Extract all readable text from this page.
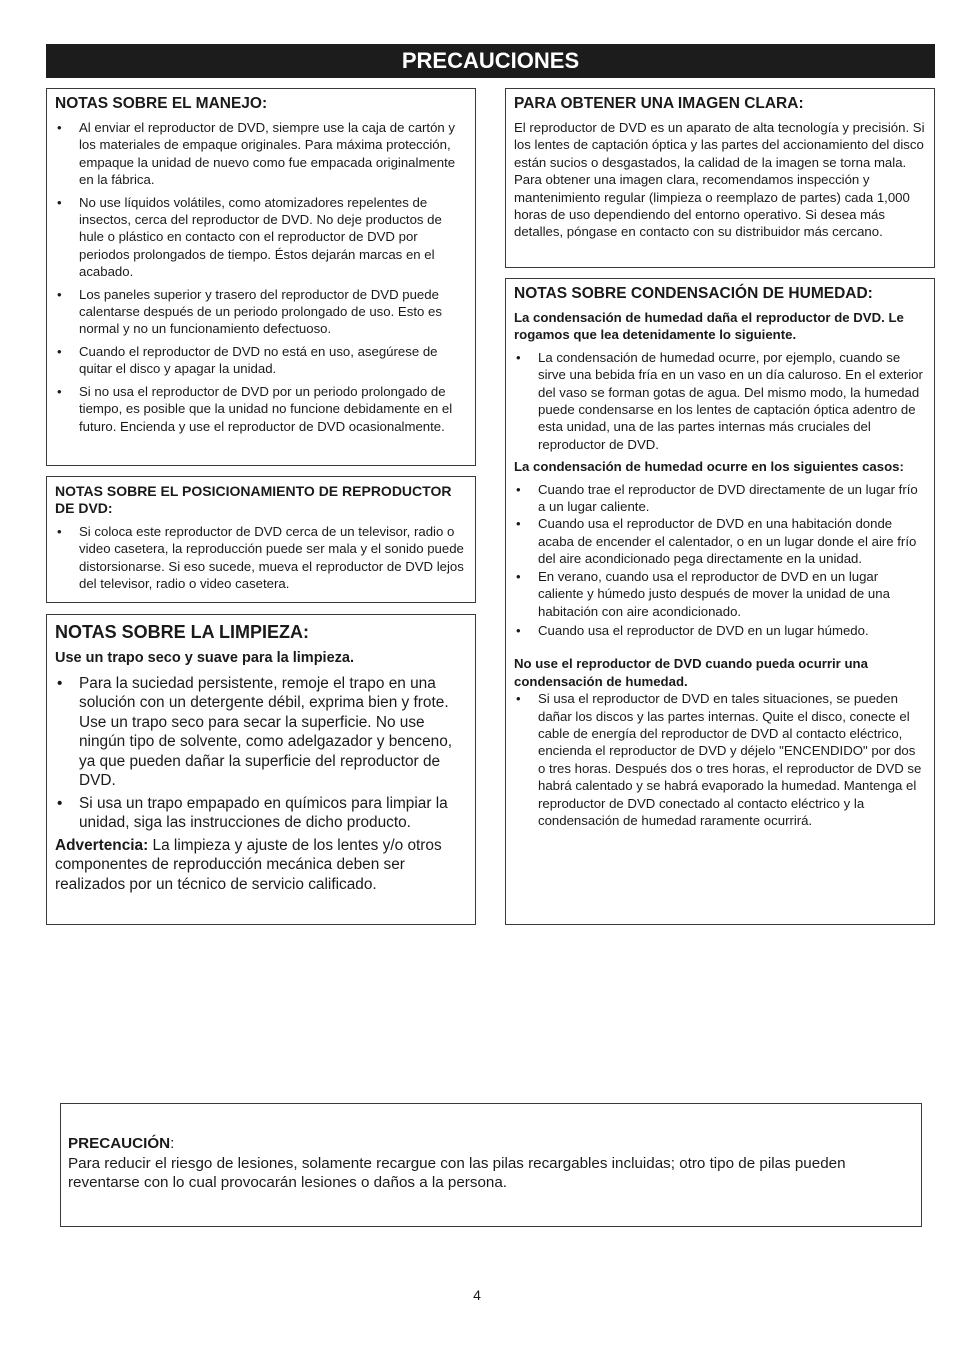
PRECAUCIONES
NOTAS SOBRE EL MANEJO:
• Al enviar el reproductor de DVD, siempre use la caja de cartón y los materiales de empaque originales. Para máxima protección, empaque la unidad de nuevo como fue empacada originalmente en la fábrica.
• No use líquidos volátiles, como atomizadores repelentes de insectos, cerca del reproductor de DVD. No deje productos de hule o plástico en contacto con el reproductor de DVD por periodos prolongados de tiempo. Éstos dejarán marcas en el acabado.
• Los paneles superior y trasero del reproductor de DVD puede calentarse después de un periodo prolongado de uso. Esto es normal y no un funcionamiento defectuoso.
• Cuando el reproductor de DVD no está en uso, asegúrese de quitar el disco y apagar la unidad.
• Si no usa el reproductor de DVD por un periodo prolongado de tiempo, es posible que la unidad no funcione debidamente en el futuro. Encienda y use el reproductor de DVD ocasionalmente.
NOTAS SOBRE EL POSICIONAMIENTO DE REPRODUCTOR DE DVD:
• Si coloca este reproductor de DVD cerca de un televisor, radio o video casetera, la reproducción puede ser mala y el sonido puede distorsionarse. Si eso sucede, mueva el reproductor de DVD lejos del televisor, radio o video casetera.
NOTAS SOBRE LA LIMPIEZA:

Use un trapo seco y suave para la limpieza.

• Para la suciedad persistente, remoje el trapo en una solución con un detergente débil, exprima bien y frote. Use un trapo seco para secar la superficie. No use ningún tipo de solvente, como adelgazador y benceno, ya que pueden dañar la superficie del reproductor de DVD.
• Si usa un trapo empapado en químicos para limpiar la unidad, siga las instrucciones de dicho producto.

Advertencia: La limpieza y ajuste de los lentes y/o otros componentes de reproducción mecánica deben ser realizados por un técnico de servicio calificado.

PARA OBTENER UNA IMAGEN CLARA:

El reproductor de DVD es un aparato de alta tecnología y precisión. Si los lentes de captación óptica y las partes del accionamiento del disco están sucios o desgastados, la calidad de la imagen se torna mala. Para obtener una imagen clara, recomendamos inspección y mantenimiento regular (limpieza o reemplazo de partes) cada 1,000 horas de uso dependiendo del entorno operativo. Si desea más detalles, póngase en contacto con su distribuidor más cercano.

NOTAS SOBRE CONDENSACIÓN DE HUMEDAD:

La condensación de humedad daña el reproductor de DVD. Le rogamos que lea detenidamente lo siguiente.

• La condensación de humedad ocurre, por ejemplo, cuando se sirve una bebida fría en un vaso en un día caluroso. En el exterior del vaso se forman gotas de agua. Del mismo modo, la humedad puede condensarse en los lentes de captación óptica adentro de esta unidad, una de las partes internas más cruciales del reproductor de DVD.

La condensación de humedad ocurre en los siguientes casos:

• Cuando trae el reproductor de DVD directamente de un lugar frío a un lugar caliente.
• Cuando usa el reproductor de DVD en una habitación donde acaba de encender el calentador, o en un lugar donde el aire frío del aire acondicionado pega directamente en la unidad.
• En verano, cuando usa el reproductor de DVD en un lugar caliente y húmedo justo después de mover la unidad de una habitación con aire acondicionado.
• Cuando usa el reproductor de DVD en un lugar húmedo.

No use el reproductor de DVD cuando pueda ocurrir una condensación de humedad.

• Si usa el reproductor de DVD en tales situaciones, se pueden dañar los discos y las partes internas. Quite el disco, conecte el cable de energía del reproductor de DVD al contacto eléctrico, encienda el reproductor de DVD y déjelo "ENCENDIDO" por dos o tres horas. Después dos o tres horas, el reproductor de DVD se habrá calentado y se habrá evaporado la humedad. Mantenga el reproductor de DVD conectado al contacto eléctrico y la condensación de humedad raramente ocurrirá.

PRECAUCIÓN:

Para reducir el riesgo de lesiones, solamente recargue con las pilas recargables incluidas; otro tipo de pilas pueden reventarse con lo cual provocarán lesiones o daños a la persona.

4
